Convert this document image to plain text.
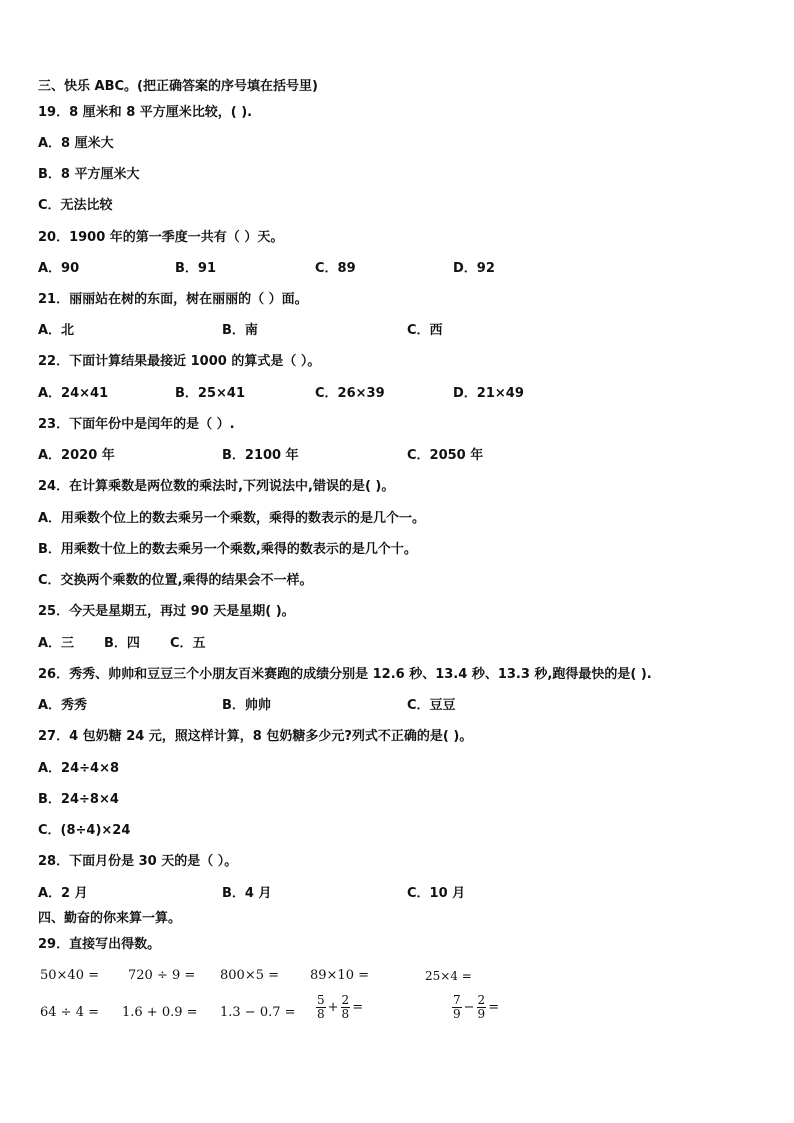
三、快乐 ABC。(把正确答案的序号填在括号里)
19．8 厘米和 8 平方厘米比较，( ).
A．8 厘米大
B．8 平方厘米大
C．无法比较
20．1900 年的第一季度一共有（ ）天。
A．90	B．91	C．89	D．92
21．丽丽站在树的东面，树在丽丽的（ ）面。
A．北	B．南	C．西
22．下面计算结果最接近 1000 的算式是（ ）。
A．24×41	B．25×41	C．26×39	D．21×49
23．下面年份中是闰年的是（ ）.
A．2020 年	B．2100 年	C．2050 年
24．在计算乘数是两位数的乘法时,下列说法中,错误的是( )。
A．用乘数个位上的数去乘另一个乘数，乘得的数表示的是几个一。
B．用乘数十位上的数去乘另一个乘数,乘得的数表示的是几个十。
C．交换两个乘数的位置,乘得的结果会不一样。
25．今天是星期五，再过 90 天是星期( )。
A．三 B．四 C．五
26．秀秀、帅帅和豆豆三个小朋友百米赛跑的成绩分别是 12.6 秒、13.4 秒、13.3 秒,跑得最快的是( ).
A．秀秀	B．帅帅	C．豆豆
27．4 包奶糖 24 元，照这样计算，8 包奶糖多少元?列式不正确的是( )。
A．24÷4×8
B．24÷8×4
C．(8÷4)×24
28．下面月份是 30 天的是（ ）。
A．2 月	B．4 月	C．10 月
四、勤奋的你来算一算。
29．直接写出得数。
50×40 = 720 ÷ 9 = 800×5 = 89×10 =	25×4 =
$64 \div 4 = 1.6 + 0.9 = 1.3 - 0.7 = \frac{5}{8} + \frac{2}{8}$ =	$\frac{7}{9} - \frac{2}{9}$ =
